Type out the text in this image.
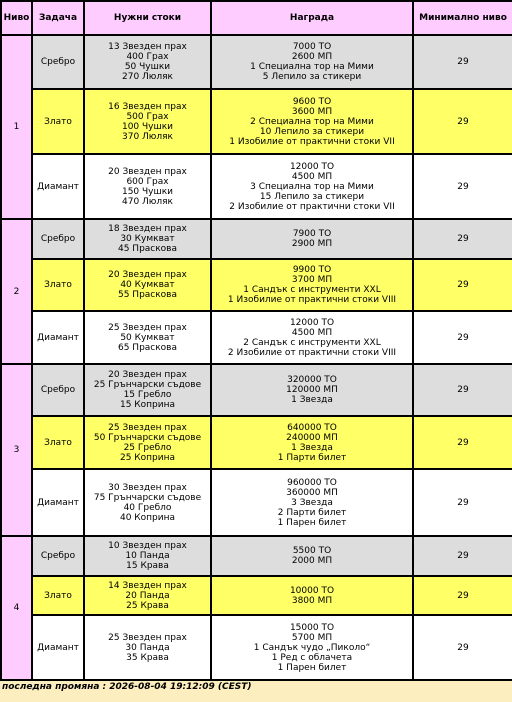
Ниво	Задача	Нужни стоки	Награда	Минимално ниво
1	Сребро	13 Звезден прах
400 Грах
50 Чушки
270 Люляк	7000 ТО
2600 МП
1 Специална тор на Мими
5 Лепило за стикери	29
	Злато	16 Звезден прах
500 Грах
100 Чушки
370 Люляк	9600 ТО
3600 МП
2 Специална тор на Мими
10 Лепило за стикери
1 Изобилие от практични стоки VII	29
	Диамант	20 Звезден прах
600 Грах
150 Чушки
470 Люляк	12000 ТО
4500 МП
3 Специална тор на Мими
15 Лепило за стикери
2 Изобилие от практични стоки VII	29
2	Сребро	18 Звезден прах
30 Кумкват
45 Праскова	7900 ТО
2900 МП	29
	Злато	20 Звезден прах
40 Кумкват
55 Праскова	9900 ТО
3700 МП
1 Сандък с инструменти XXL
1 Изобилие от практични стоки VIII	29
	Диамант	25 Звезден прах
50 Кумкват
65 Праскова	12000 ТО
4500 МП
2 Сандък с инструменти XXL
2 Изобилие от практични стоки VIII	29
3	Сребро	20 Звезден прах
25 Грънчарски съдове
15 Гребло
15 Коприна	320000 ТО
120000 МП
1 Звезда	29
	Злато	25 Звезден прах
50 Грънчарски съдове
25 Гребло
25 Коприна	640000 ТО
240000 МП
1 Звезда
1 Парти билет	29
	Диамант	30 Звезден прах
75 Грънчарски съдове
40 Гребло
40 Коприна	960000 ТО
360000 МП
3 Звезда
2 Парти билет
1 Парен билет	29
4	Сребро	10 Звезден прах
10 Панда
15 Крава	5500 ТО
2000 МП	29
	Злато	14 Звезден прах
20 Панда
25 Крава	10000 ТО
3800 МП	29
	Диамант	25 Звезден прах
30 Панда
35 Крава	15000 ТО
5700 МП
1 Сандък чудо „Пиколо“
1 Ред с облачета
1 Парен билет	29
последна промяна : 2026-08-04 19:12:09 (CEST)
